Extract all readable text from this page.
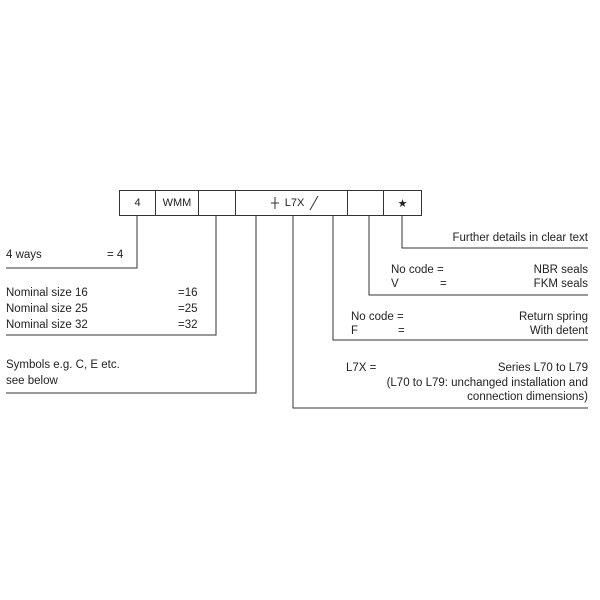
4 WMM	L7X	★
4 ways	= 4
Nominal size 16	=16
Nominal size 25	=25
Nominal size 32	=32
Symbols e.g. C, E etc.
see below
Further details in clear text
No code =	NBR seals
V	=	FKM seals
No code =	Return spring
F	=	With detent
L7X =	Series L70 to L79
(L70 to L79: unchanged installation and
connection dimensions)
